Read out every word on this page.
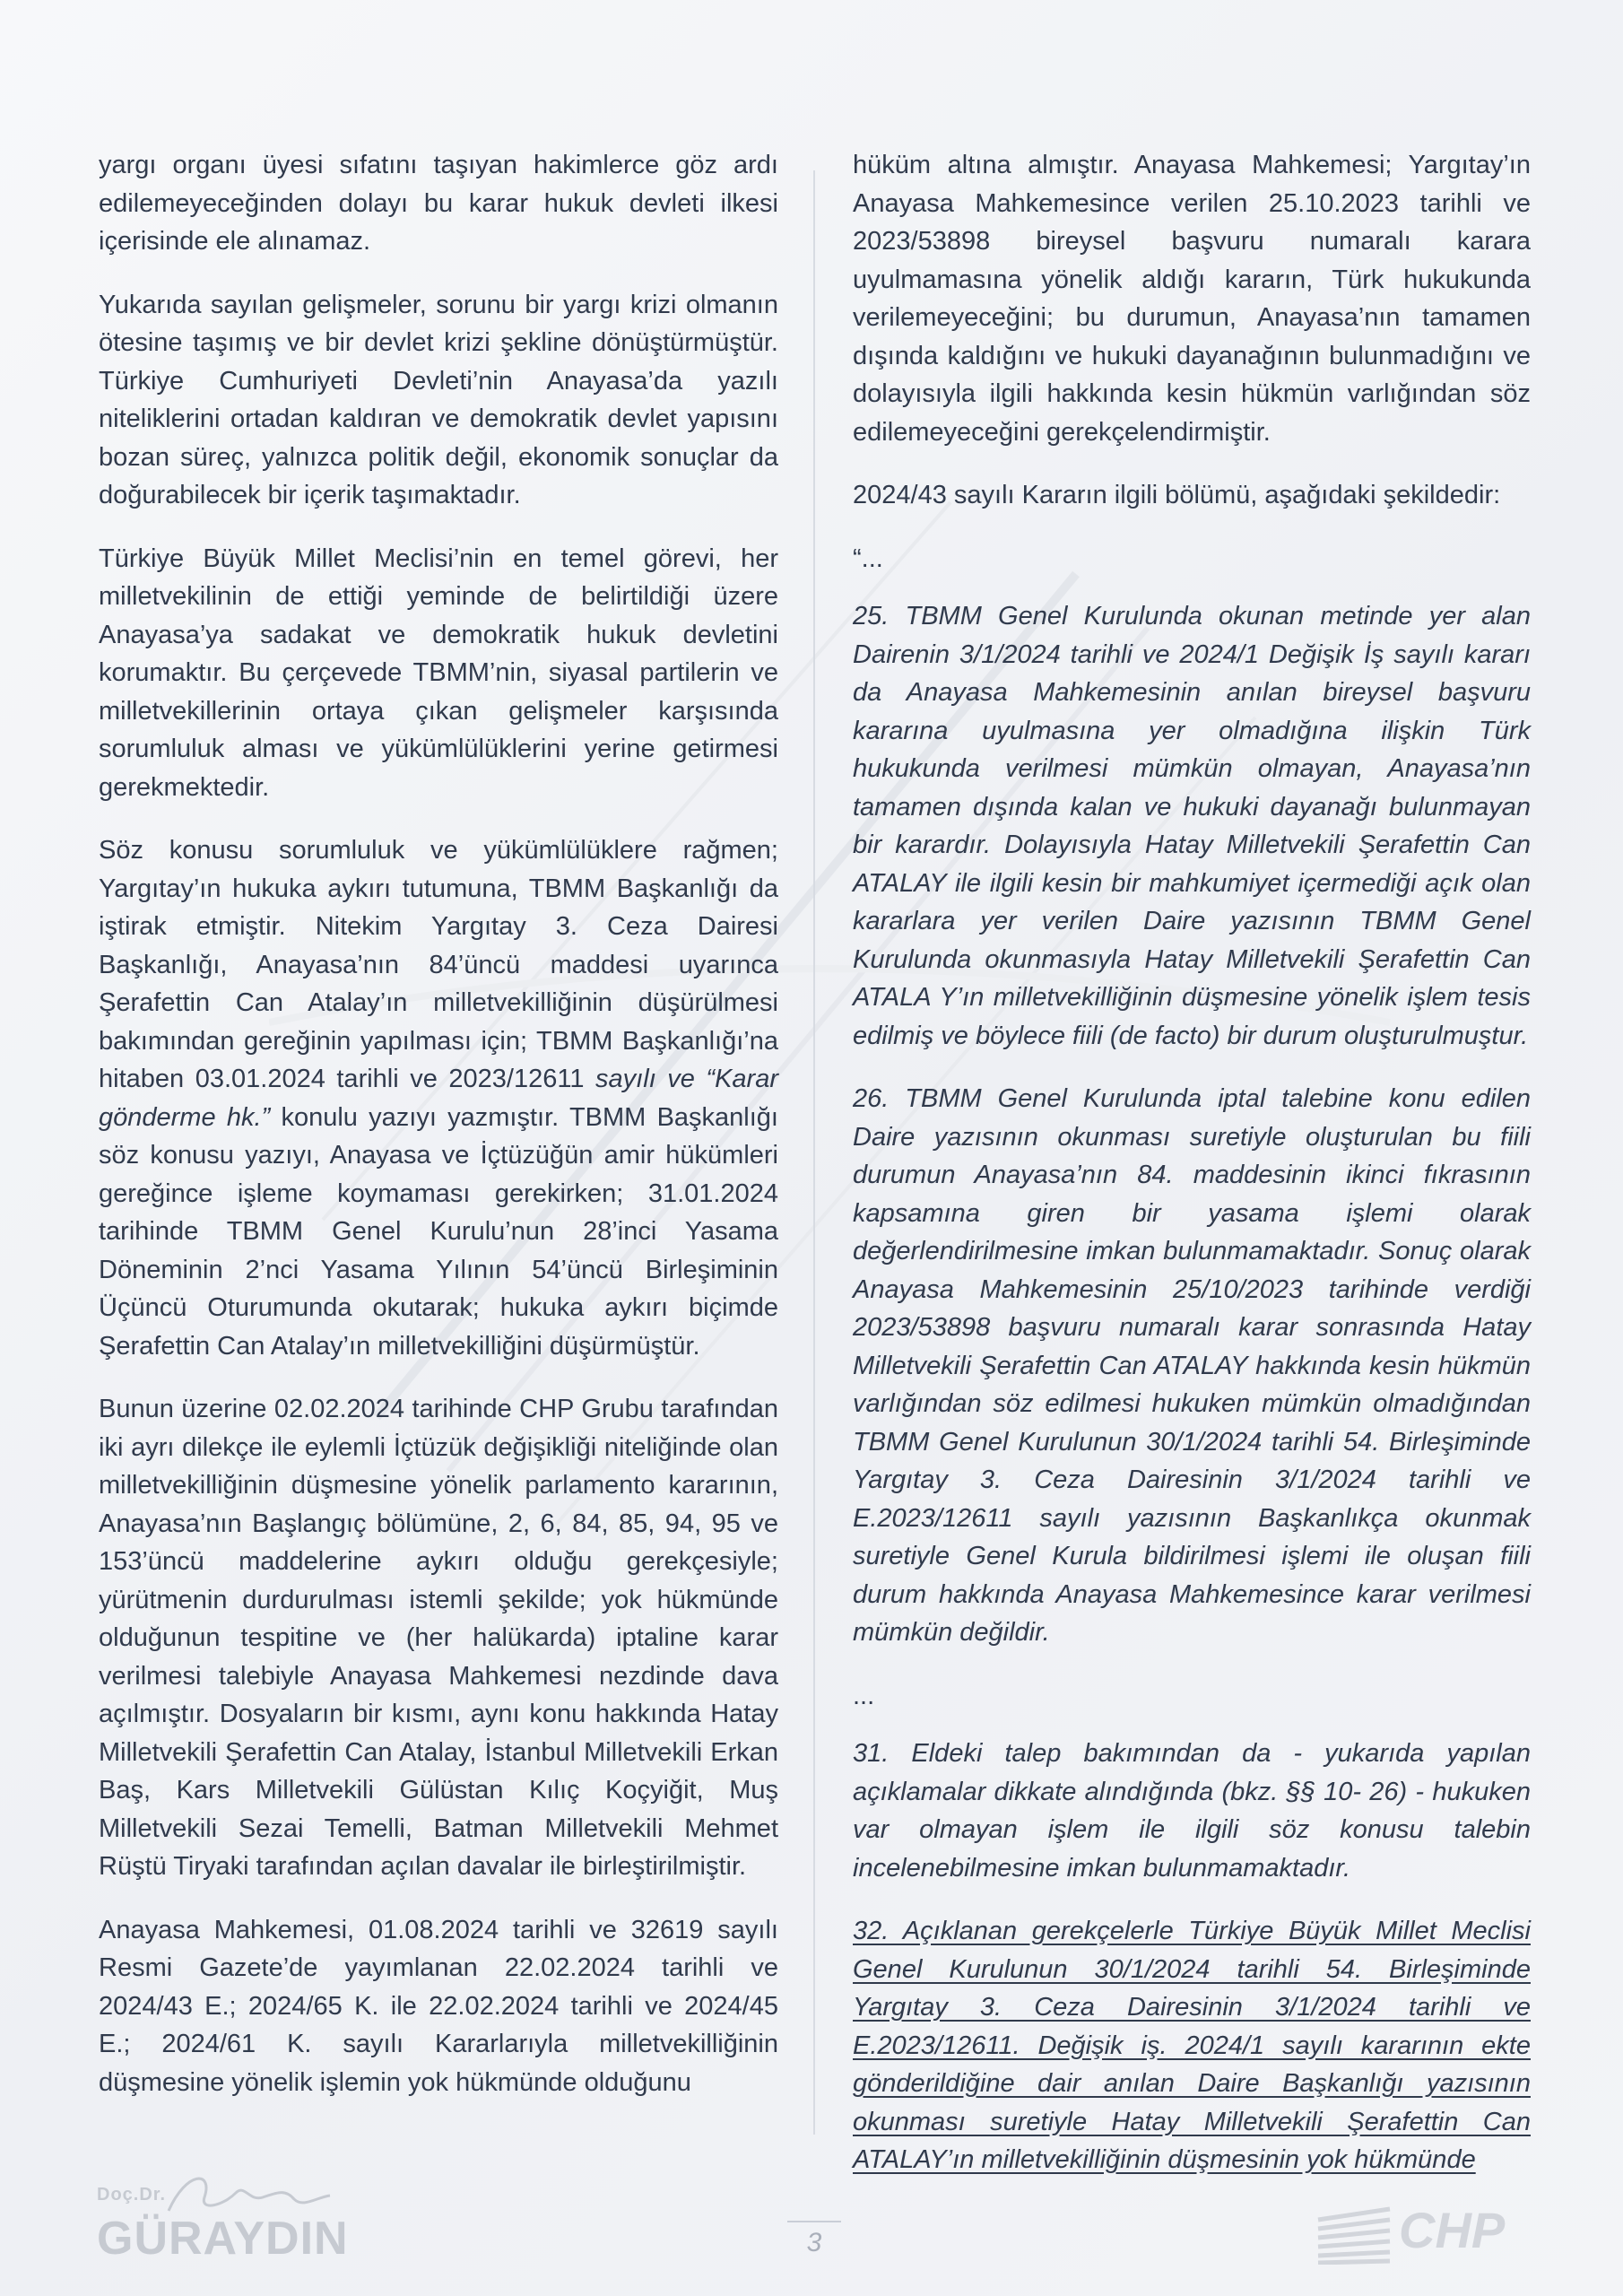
yargı organı üyesi sıfatını taşıyan hakimlerce göz ardı edilemeyeceğinden dolayı bu karar hukuk devleti ilkesi içerisinde ele alınamaz.

Yukarıda sayılan gelişmeler, sorunu bir yargı krizi olmanın ötesine taşımış ve bir devlet krizi şekline dönüştürmüştür. Türkiye Cumhuriyeti Devleti’nin Anayasa’da yazılı niteliklerini ortadan kaldıran ve demokratik devlet yapısını bozan süreç, yalnızca politik değil, ekonomik sonuçlar da doğurabilecek bir içerik taşımaktadır.

Türkiye Büyük Millet Meclisi’nin en temel görevi, her milletvekilinin de ettiği yeminde de belirtildiği üzere Anayasa’ya sadakat ve demokratik hukuk devletini korumaktır. Bu çerçevede TBMM’nin, siyasal partilerin ve milletvekillerinin ortaya çıkan gelişmeler karşısında sorumluluk alması ve yükümlülüklerini yerine getirmesi gerekmektedir.

Söz konusu sorumluluk ve yükümlülüklere rağmen; Yargıtay’ın hukuka aykırı tutumuna, TBMM Başkanlığı da iştirak etmiştir. Nitekim Yargıtay 3. Ceza Dairesi Başkanlığı, Anayasa’nın 84’üncü maddesi uyarınca Şerafettin Can Atalay’ın milletvekilliğinin düşürülmesi bakımından gereğinin yapılması için; TBMM Başkanlığı’na hitaben 03.01.2024 tarihli ve 2023/12611 sayılı ve “Karar gönderme hk.” konulu yazıyı yazmıştır. TBMM Başkanlığı söz konusu yazıyı, Anayasa ve İçtüzüğün amir hükümleri gereğince işleme koymaması gerekirken; 31.01.2024 tarihinde TBMM Genel Kurulu’nun 28’inci Yasama Döneminin 2’nci Yasama Yılının 54’üncü Birleşiminin Üçüncü Oturumunda okutarak; hukuka aykırı biçimde Şerafettin Can Atalay’ın milletvekilliğini düşürmüştür.

Bunun üzerine 02.02.2024 tarihinde CHP Grubu tarafından iki ayrı dilekçe ile eylemli İçtüzük değişikliği niteliğinde olan milletvekilliğinin düşmesine yönelik parlamento kararının, Anayasa’nın Başlangıç bölümüne, 2, 6, 84, 85, 94, 95 ve 153’üncü maddelerine aykırı olduğu gerekçesiyle; yürütmenin durdurulması istemli şekilde; yok hükmünde olduğunun tespitine ve (her halükarda) iptaline karar verilmesi talebiyle Anayasa Mahkemesi nezdinde dava açılmıştır. Dosyaların bir kısmı, aynı konu hakkında Hatay Milletvekili Şerafettin Can Atalay, İstanbul Milletvekili Erkan Baş, Kars Milletvekili Gülüstan Kılıç Koçyiğit, Muş Milletvekili Sezai Temelli, Batman Milletvekili Mehmet Rüştü Tiryaki tarafından açılan davalar ile birleştirilmiştir.

Anayasa Mahkemesi, 01.08.2024 tarihli ve 32619 sayılı Resmi Gazete’de yayımlanan 22.02.2024 tarihli ve 2024/43 E.; 2024/65 K. ile 22.02.2024 tarihli ve 2024/45 E.; 2024/61 K. sayılı Kararlarıyla milletvekilliğinin düşmesine yönelik işlemin yok hükmünde olduğunu

hüküm altına almıştır. Anayasa Mahkemesi; Yargıtay’ın Anayasa Mahkemesince verilen 25.10.2023 tarihli ve 2023/53898 bireysel başvuru numaralı karara uyulmamasına yönelik aldığı kararın, Türk hukukunda verilemeyeceğini; bu durumun, Anayasa’nın tamamen dışında kaldığını ve hukuki dayanağının bulunmadığını ve dolayısıyla ilgili hakkında kesin hükmün varlığından söz edilemeyeceğini gerekçelendirmiştir.

2024/43 sayılı Kararın ilgili bölümü, aşağıdaki şekildedir:

“...

25. TBMM Genel Kurulunda okunan metinde yer alan Dairenin 3/1/2024 tarihli ve 2024/1 Değişik İş sayılı kararı da Anayasa Mahkemesinin anılan bireysel başvuru kararına uyulmasına yer olmadığına ilişkin Türk hukukunda verilmesi mümkün olmayan, Anayasa’nın tamamen dışında kalan ve hukuki dayanağı bulunmayan bir karardır. Dolayısıyla Hatay Milletvekili Şerafettin Can ATALAY ile ilgili kesin bir mahkumiyet içermediği açık olan kararlara yer verilen Daire yazısının TBMM Genel Kurulunda okunmasıyla Hatay Milletvekili Şerafettin Can ATALA Y’ın milletvekilliğinin düşmesine yönelik işlem tesis edilmiş ve böylece fiili (de facto) bir durum oluşturulmuştur.

26. TBMM Genel Kurulunda iptal talebine konu edilen Daire yazısının okunması suretiyle oluşturulan bu fiili durumun Anayasa’nın 84. maddesinin ikinci fıkrasının kapsamına giren bir yasama işlemi olarak değerlendirilmesine imkan bulunmamaktadır. Sonuç olarak Anayasa Mahkemesinin 25/10/2023 tarihinde verdiği 2023/53898 başvuru numaralı karar sonrasında Hatay Milletvekili Şerafettin Can ATALAY hakkında kesin hükmün varlığından söz edilmesi hukuken mümkün olmadığından TBMM Genel Kurulunun 30/1/2024 tarihli 54. Birleşiminde Yargıtay 3. Ceza Dairesinin 3/1/2024 tarihli ve E.2023/12611 sayılı yazısının Başkanlıkça okunmak suretiyle Genel Kurula bildirilmesi işlemi ile oluşan fiili durum hakkında Anayasa Mahkemesince karar verilmesi mümkün değildir.

...

31. Eldeki talep bakımından da - yukarıda yapılan açıklamalar dikkate alındığında (bkz. §§ 10- 26) - hukuken var olmayan işlem ile ilgili söz konusu talebin incelenebilmesine imkan bulunmamaktadır.

32. Açıklanan gerekçelerle Türkiye Büyük Millet Meclisi Genel Kurulunun 30/1/2024 tarihli 54. Birleşiminde Yargıtay 3. Ceza Dairesinin 3/1/2024 tarihli ve E.2023/12611. Değişik iş. 2024/1 sayılı kararının ekte gönderildiğine dair anılan Daire Başkanlığı yazısının okunması suretiyle Hatay Milletvekili Şerafettin Can ATALAY’ın milletvekilliğinin düşmesinin yok hükmünde

Doç.Dr.
GÜRAYDIN	3	CHP
